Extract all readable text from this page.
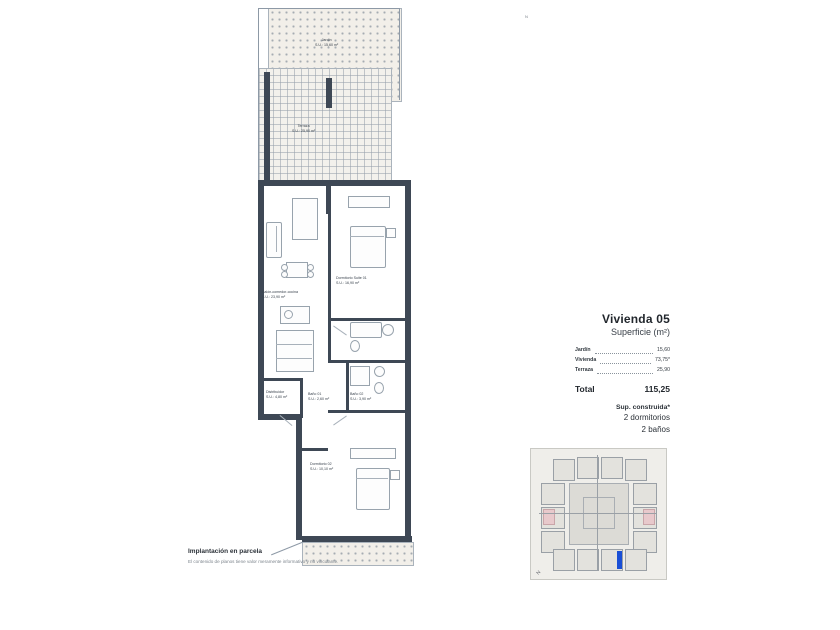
Jardín
S.U.: 15,60 m²
Terraza
S.U.: 25,90 m²
Salón-comedor-cocina
S.U.: 23,90 m²
Dormitorio Suite 01
S.U.: 16,90 m²
Baño 02
S.U.: 3,90 m²
Baño 01
S.U.: 2,60 m²
Distribuidor
S.U.: 4,80 m²
Dormitorio 02
S.U.: 10,10 m²
N
Vivienda 05
Superficie (m²)
Jardín	15,60
Vivienda	73,75*
Terraza	25,90
Total	115,25
Sup. construida*
2 dormitorios
2 baños
N
Implantación en parcela
El contenido de planos tiene valor meramente informativo y no vinculante.
